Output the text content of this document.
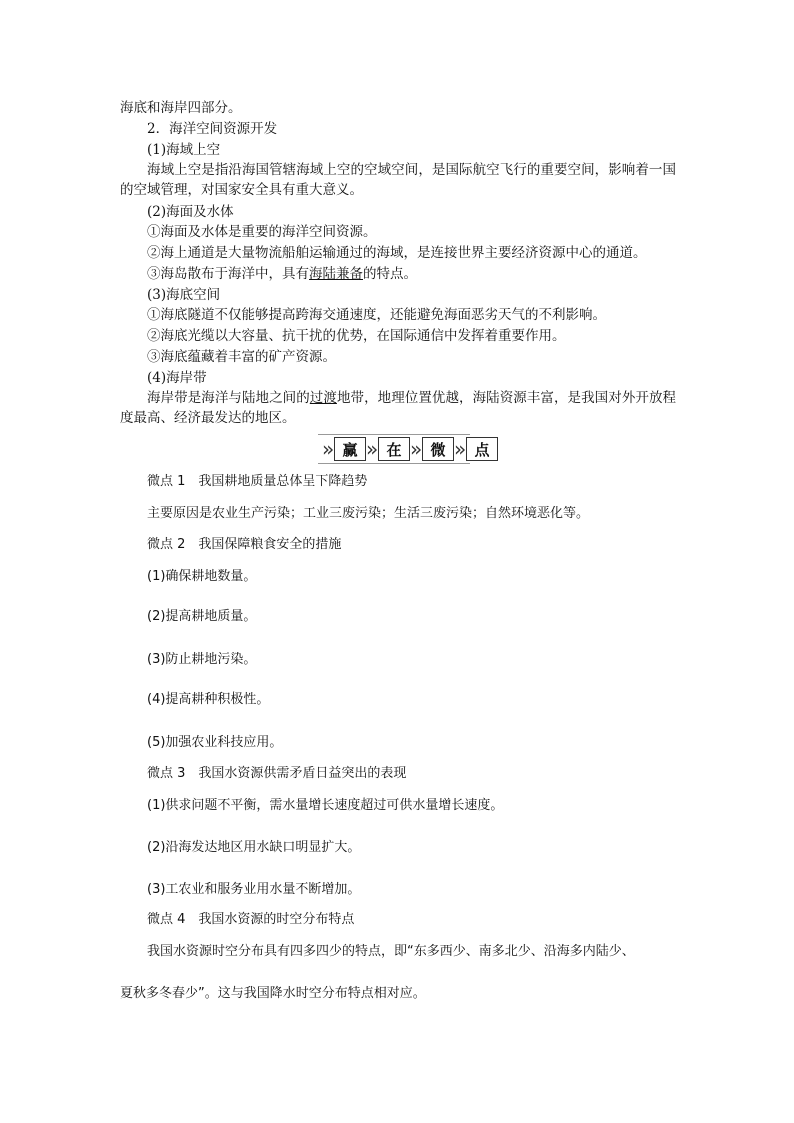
海底和海岸四部分。
2．海洋空间资源开发
(1)海域上空
海域上空是指沿海国管辖海域上空的空域空间，是国际航空飞行的重要空间，影响着一国的空域管理，对国家安全具有重大意义。
(2)海面及水体
①海面及水体是重要的海洋空间资源。
②海上通道是大量物流船舶运输通过的海域，是连接世界主要经济资源中心的通道。
③海岛散布于海洋中，具有海陆兼备的特点。
(3)海底空间
①海底隧道不仅能够提高跨海交通速度，还能避免海面恶劣天气的不利影响。
②海底光缆以大容量、抗干扰的优势，在国际通信中发挥着重要作用。
③海底蕴藏着丰富的矿产资源。
(4)海岸带
海岸带是海洋与陆地之间的过渡地带，地理位置优越，海陆资源丰富，是我国对外开放程度最高、经济最发达的地区。
» 赢 » 在 » 微 » 点
微点 1　我国耕地质量总体呈下降趋势
主要原因是农业生产污染；工业三废污染；生活三废污染；自然环境恶化等。
微点 2　我国保障粮食安全的措施
(1)确保耕地数量。
(2)提高耕地质量。
(3)防止耕地污染。
(4)提高耕种积极性。
(5)加强农业科技应用。
微点 3　我国水资源供需矛盾日益突出的表现
(1)供求问题不平衡，需水量增长速度超过可供水量增长速度。
(2)沿海发达地区用水缺口明显扩大。
(3)工农业和服务业用水量不断增加。
微点 4　我国水资源的时空分布特点
我国水资源时空分布具有四多四少的特点，即“东多西少、南多北少、沿海多内陆少、
夏秋多冬春少”。这与我国降水时空分布特点相对应。
